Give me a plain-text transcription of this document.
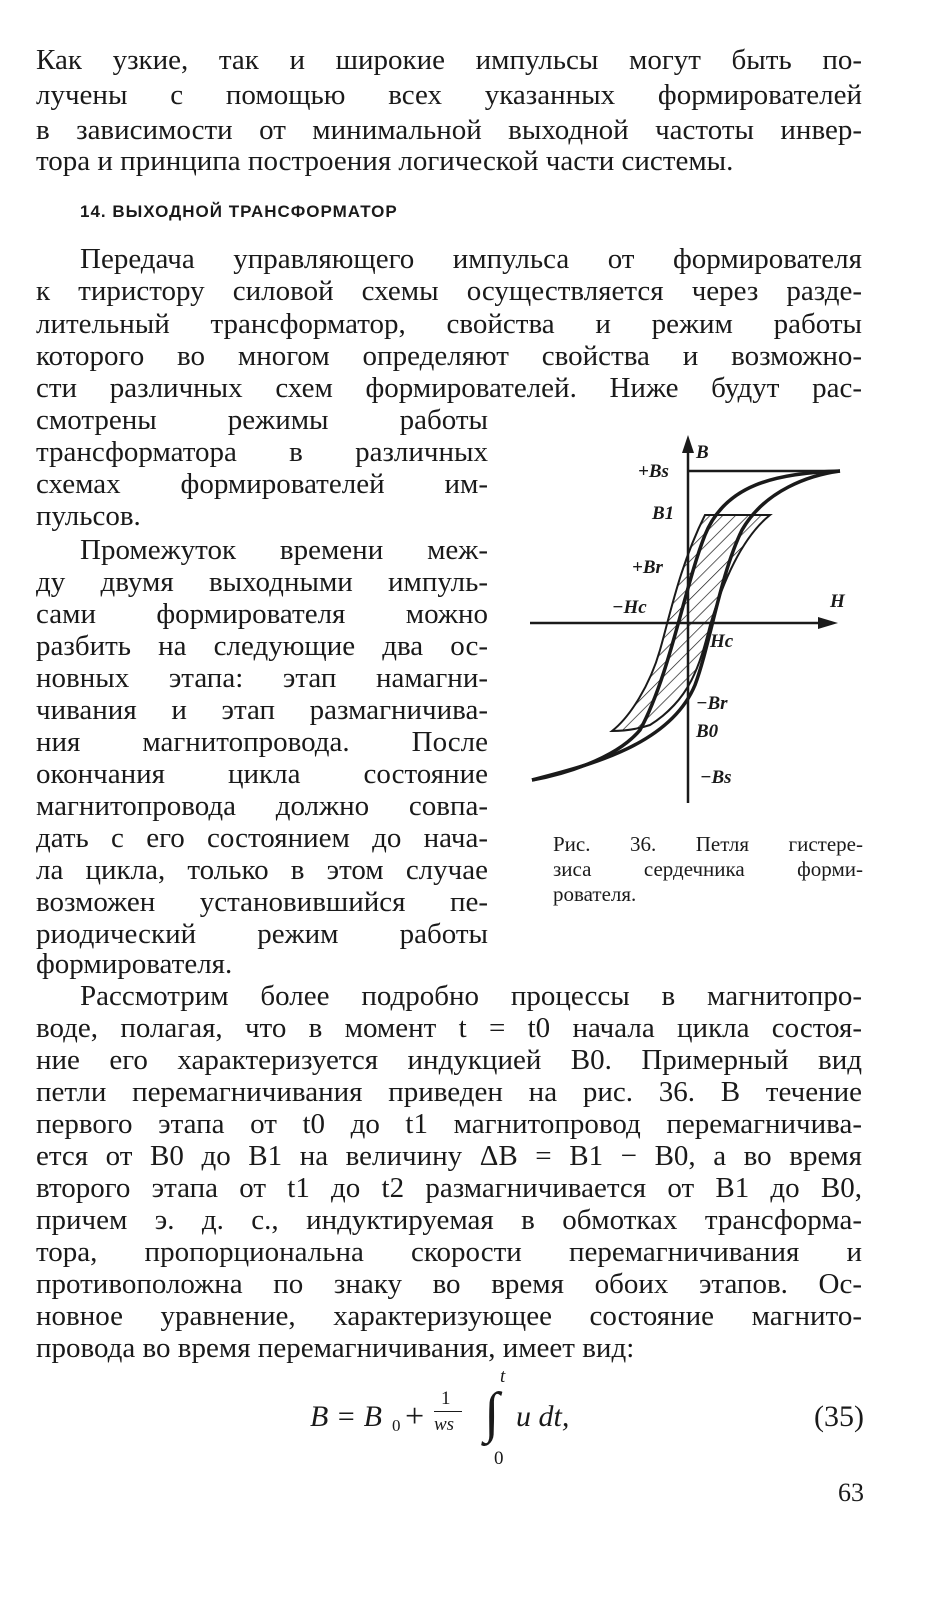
Как узкие, так и широкие импульсы могут быть по-
лучены с помощью всех указанных формирователей
в зависимости от минимальной выходной частоты инвер-
тора и принципа построения логической части системы.
14. ВЫХОДНОЙ ТРАНСФОРМАТОР
Передача управляющего импульса от формирователя
к тиристору силовой схемы осуществляется через разде-
лительный трансформатор, свойства и режим работы
которого во многом определяют свойства и возможно-
сти различных схем формирователей. Ниже будут рас-
смотрены режимы работы
трансформатора в различных
схемах формирователей им-
пульсов.
Промежуток времени меж-
ду двумя выходными импуль-
сами формирователя можно
разбить на следующие два ос-
новных этапа: этап намагни-
чивания и этап размагничива-
ния магнитопровода. После
окончания цикла состояние
магнитопровода должно совпа-
дать с его состоянием до нача-
ла цикла, только в этом случае
возможен установившийся пе-
риодический режим работы
формирователя.
B
H
+Bs
B1
+Br
−Hc
Hc
−Br
B0
−Bs
Рис. 36. Петля гистере-
зиса сердечника форми-
рователя.
Рассмотрим более подробно процессы в магнитопро-
воде, полагая, что в момент t = t0 начала цикла состоя-
ние его характеризуется индукцией B0. Примерный вид
петли перемагничивания приведен на рис. 36. В течение
первого этапа от t0 до t1 магнитопровод перемагничива-
ется от B0 до B1 на величину ΔB = B1 − B0, а во время
второго этапа от t1 до t2 размагничивается от B1 до B0,
причем э. д. с., индуктируемая в обмотках трансформа-
тора, пропорциональна скорости перемагничивания и
противоположна по знаку во время обоих этапов. Ос-
новное уравнение, характеризующее состояние магнито-
провода во время перемагничивания, имеет вид:
B = B 0 + 1
ws
t
∫
0
u dt,	(35)
63
